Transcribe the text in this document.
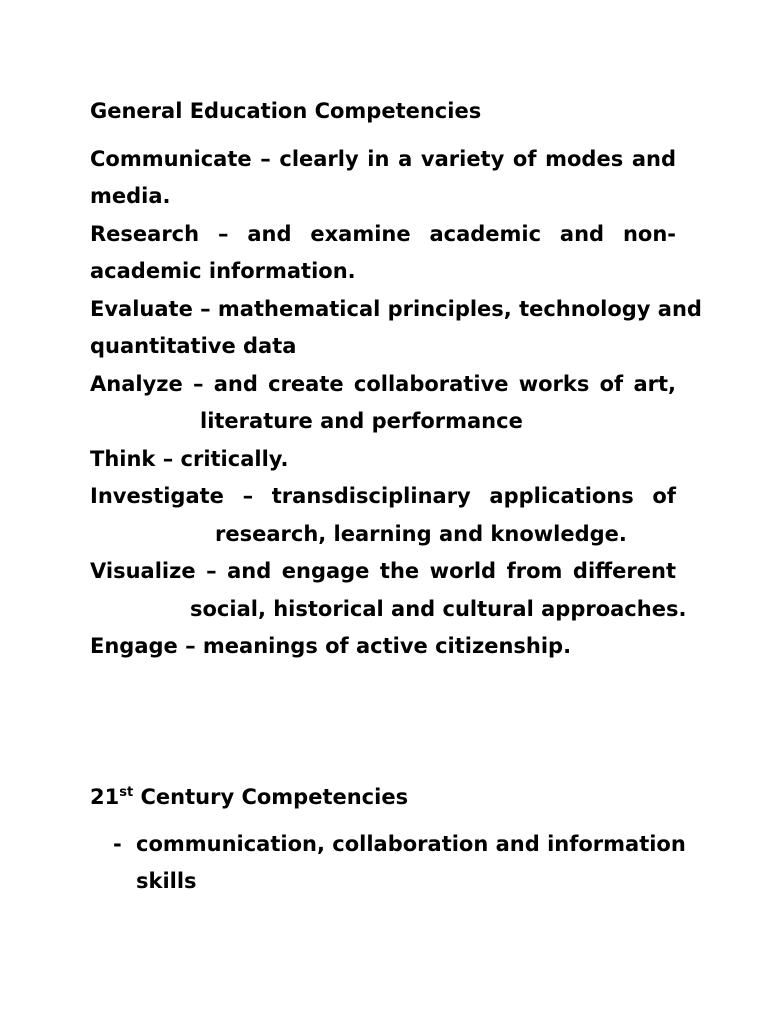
General Education Competencies
Communicate – clearly in a variety of modes and
media.
Research – and examine academic and non-
academic information.
Evaluate – mathematical principles, technology and
quantitative data
Analyze – and create collaborative works of art,
literature and performance
Think – critically.
Investigate – transdisciplinary applications of
research, learning and knowledge.
Visualize – and engage the world from different
social, historical and cultural approaches.
Engage – meanings of active citizenship.
21st Century Competencies
- communication, collaboration and information
skills
